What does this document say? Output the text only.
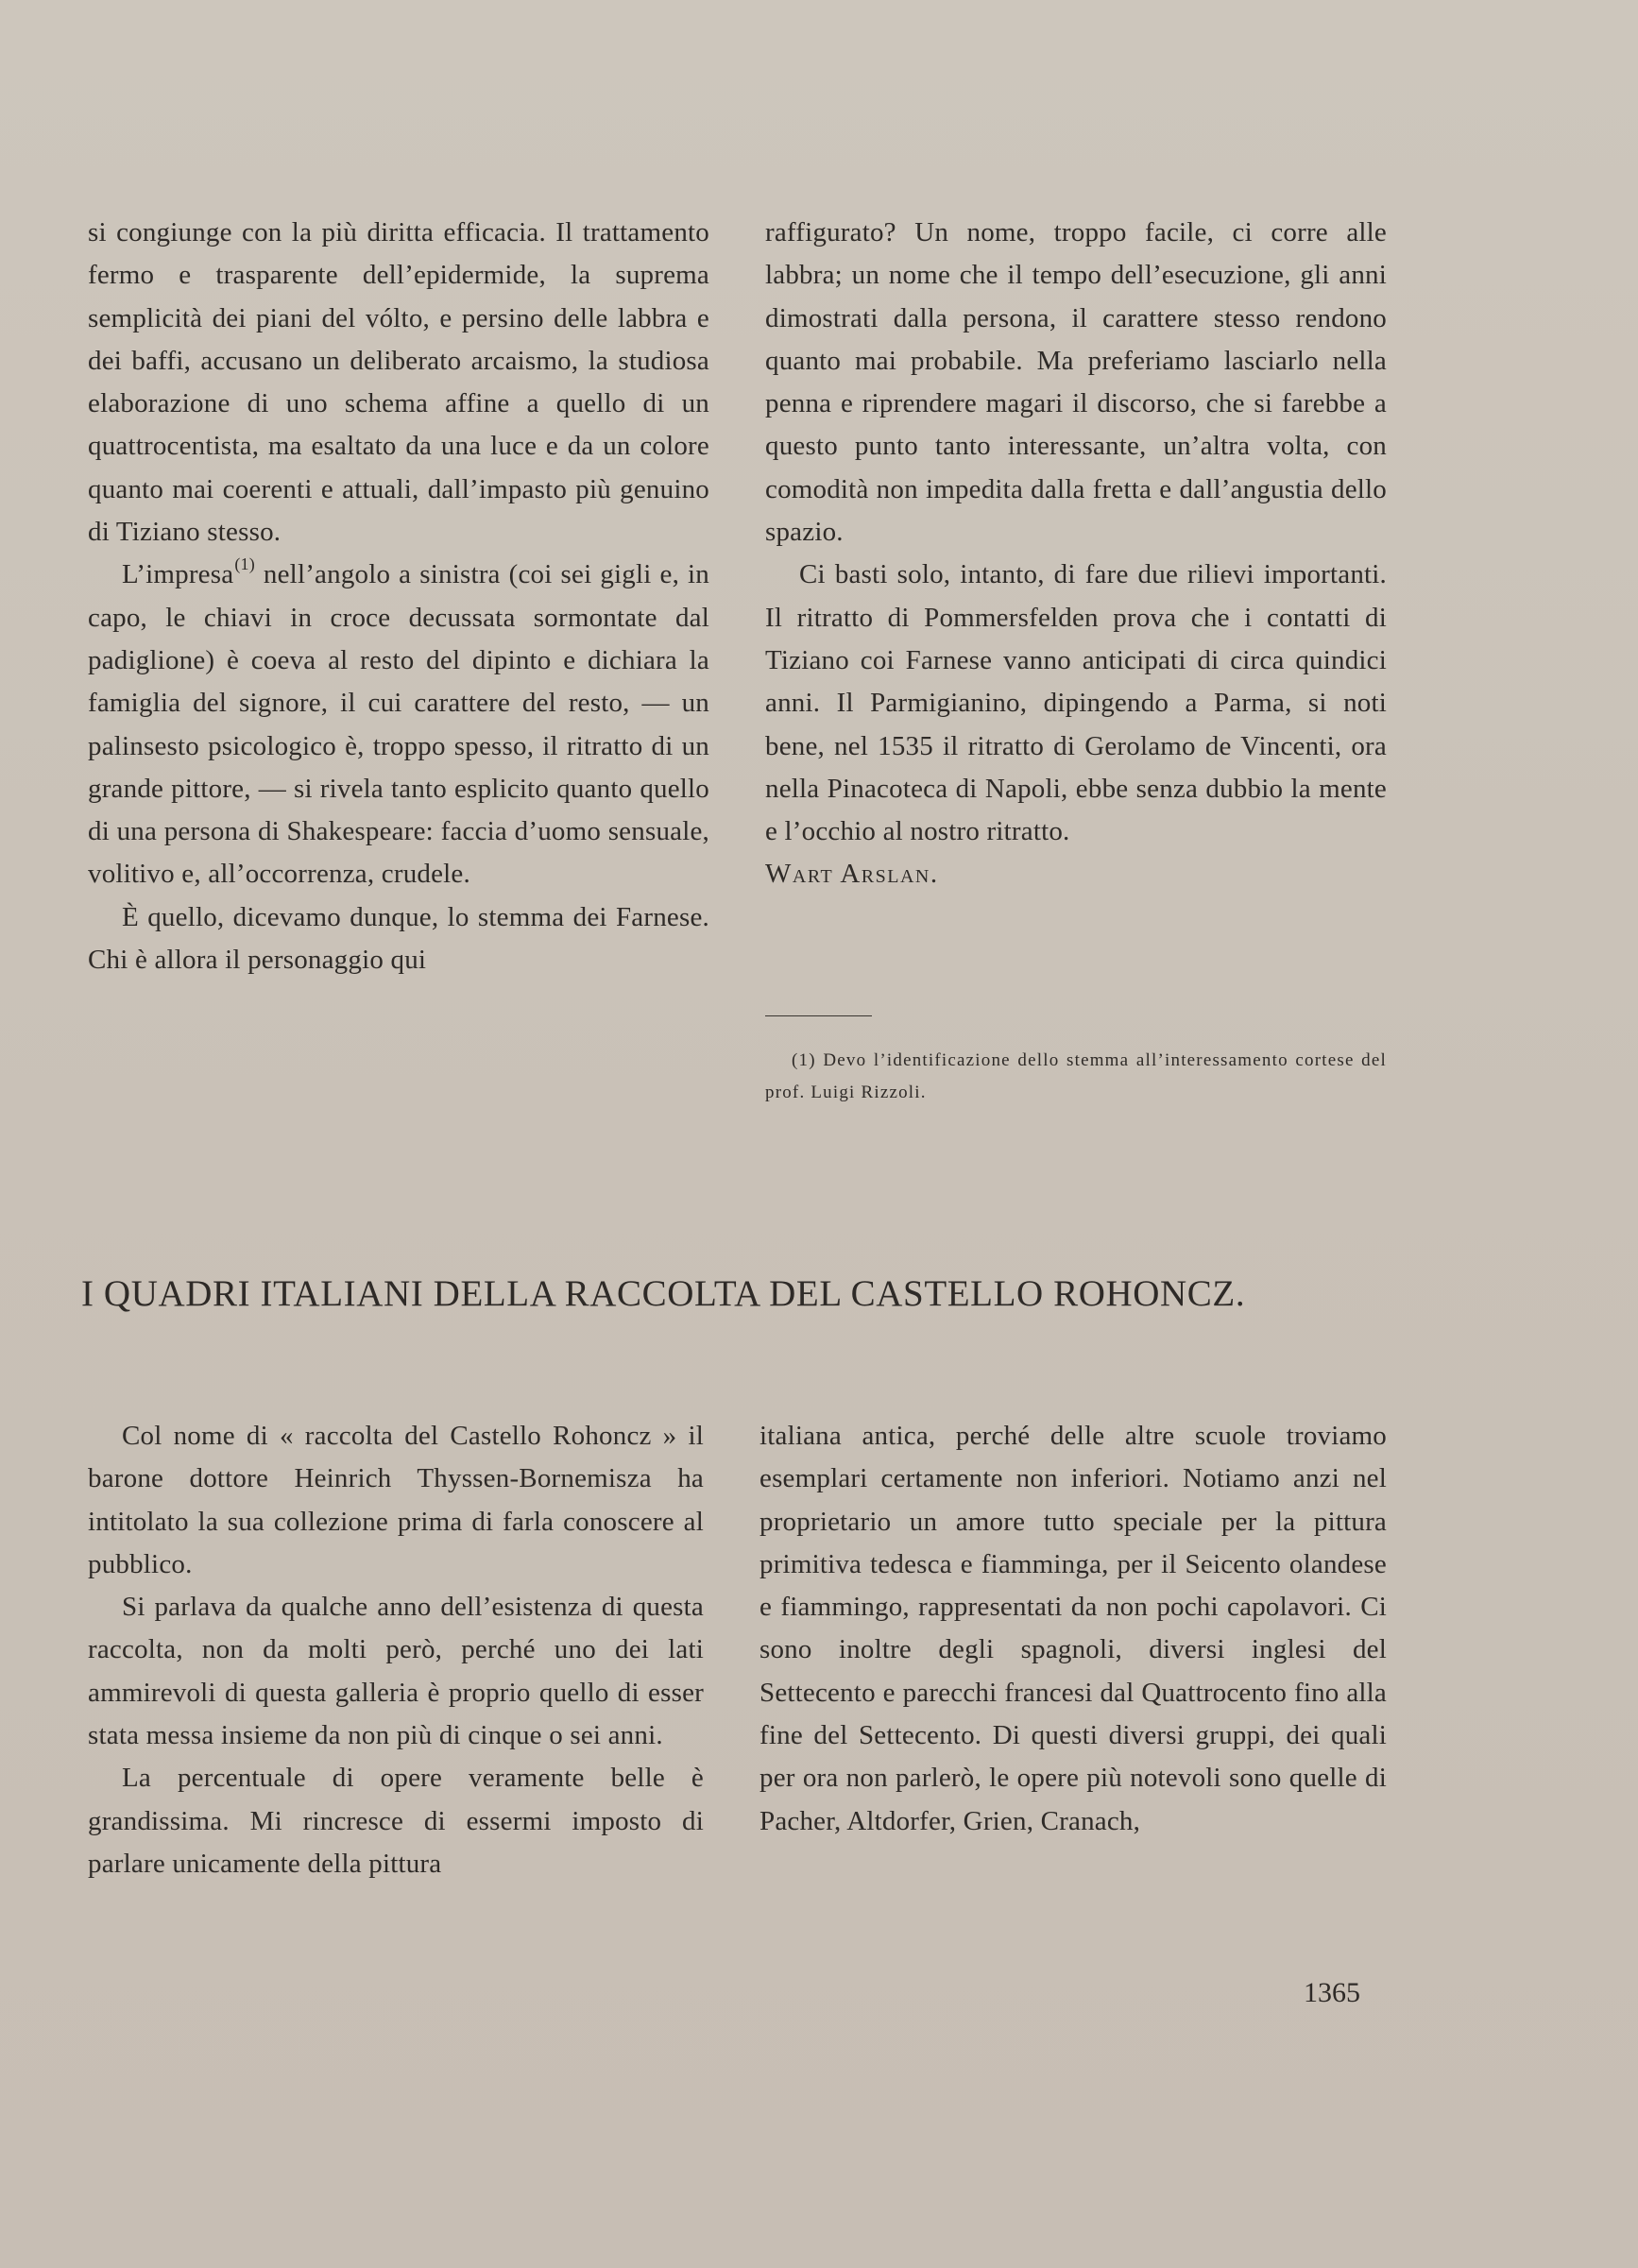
si congiunge con la più diritta efficacia. Il trattamento fermo e trasparente dell’epidermide, la suprema semplicità dei piani del vólto, e persino delle labbra e dei baffi, accusano un deliberato arcaismo, la studiosa elaborazione di uno schema affine a quello di un quattrocentista, ma esaltato da una luce e da un colore quanto mai coerenti e attuali, dall’impasto più genuino di Tiziano stesso.

L’impresa$^{(1)}$ nell’angolo a sinistra (coi sei gigli e, in capo, le chiavi in croce decussata sormontate dal padiglione) è coeva al resto del dipinto e dichiara la famiglia del signore, il cui carattere del resto, — un palinsesto psicologico è, troppo spesso, il ritratto di un grande pittore, — si rivela tanto esplicito quanto quello di una persona di Shakespeare: faccia d’uomo sensuale, volitivo e, all’occorrenza, crudele.

È quello, dicevamo dunque, lo stemma dei Farnese. Chi è allora il personaggio qui

raffigurato? Un nome, troppo facile, ci corre alle labbra; un nome che il tempo dell’esecuzione, gli anni dimostrati dalla persona, il carattere stesso rendono quanto mai probabile. Ma preferiamo lasciarlo nella penna e riprendere magari il discorso, che si farebbe a questo punto tanto interessante, un’altra volta, con comodità non impedita dalla fretta e dall’angustia dello spazio.

Ci basti solo, intanto, di fare due rilievi importanti. Il ritratto di Pommersfelden prova che i contatti di Tiziano coi Farnese vanno anticipati di circa quindici anni. Il Parmigianino, dipingendo a Parma, si noti bene, nel 1535 il ritratto di Gerolamo de Vincenti, ora nella Pinacoteca di Napoli, ebbe senza dubbio la mente e l’occhio al nostro ritratto.

Wart Arslan.

(1) Devo l’identificazione dello stemma all’interessamento cortese del prof. Luigi Rizzoli.

I QUADRI ITALIANI DELLA RACCOLTA DEL CASTELLO ROHONCZ.

Col nome di « raccolta del Castello Rohoncz » il barone dottore Heinrich Thyssen-Bornemisza ha intitolato la sua collezione prima di farla conoscere al pubblico.

Si parlava da qualche anno dell’esistenza di questa raccolta, non da molti però, perché uno dei lati ammirevoli di questa galleria è proprio quello di esser stata messa insieme da non più di cinque o sei anni.

La percentuale di opere veramente belle è grandissima. Mi rincresce di essermi imposto di parlare unicamente della pittura

italiana antica, perché delle altre scuole troviamo esemplari certamente non inferiori. Notiamo anzi nel proprietario un amore tutto speciale per la pittura primitiva tedesca e fiamminga, per il Seicento olandese e fiammingo, rappresentati da non pochi capolavori. Ci sono inoltre degli spagnoli, diversi inglesi del Settecento e parecchi francesi dal Quattrocento fino alla fine del Settecento. Di questi diversi gruppi, dei quali per ora non parlerò, le opere più notevoli sono quelle di Pacher, Altdorfer, Grien, Cranach,

1365
